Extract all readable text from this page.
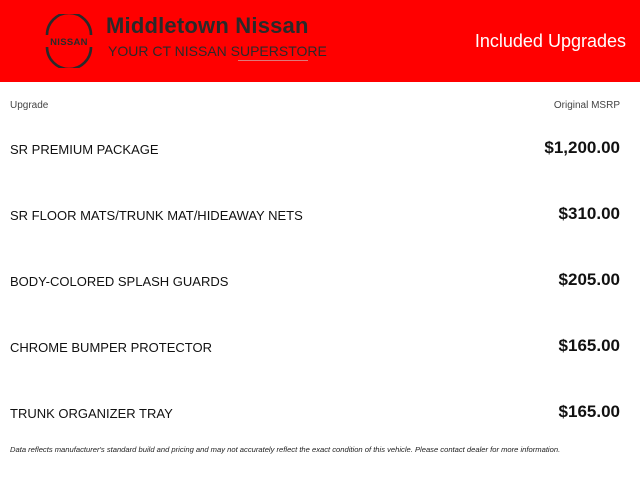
NISSAN
Middletown Nissan
YOUR CT NISSAN SUPERSTORE	Included Upgrades
Upgrade	Original MSRP
SR PREMIUM PACKAGE	$1,200.00
SR FLOOR MATS/TRUNK MAT/HIDEAWAY NETS	$310.00
BODY-COLORED SPLASH GUARDS	$205.00
CHROME BUMPER PROTECTOR	$165.00
TRUNK ORGANIZER TRAY	$165.00
Data reflects manufacturer's standard build and pricing and may not accurately reflect the exact condition of this vehicle. Please contact dealer for more information.
